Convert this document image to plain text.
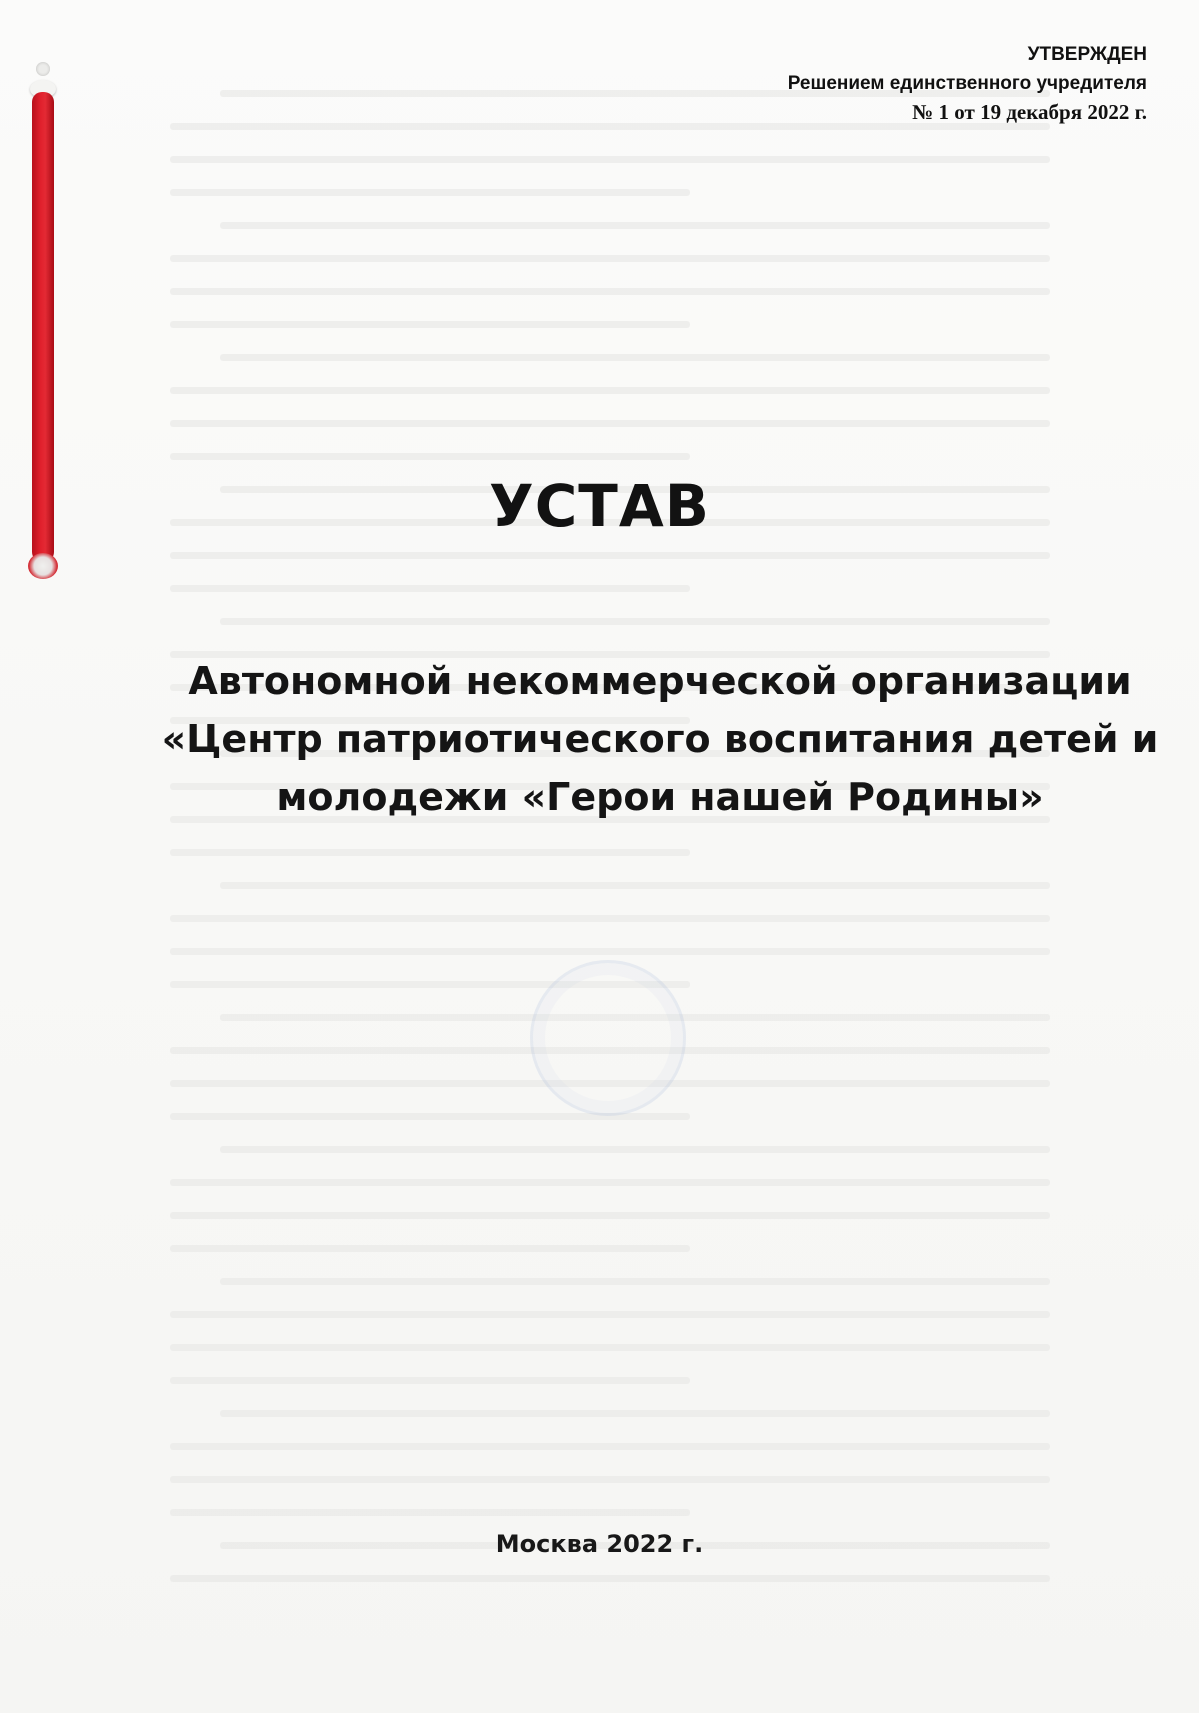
УТВЕРЖДЕН
Решением единственного учредителя
№ 1 от 19 декабря 2022 г.
УСТАВ
Автономной некоммерческой организации «Центр патриотического воспитания детей и молодежи «Герои нашей Родины»
Москва 2022 г.
